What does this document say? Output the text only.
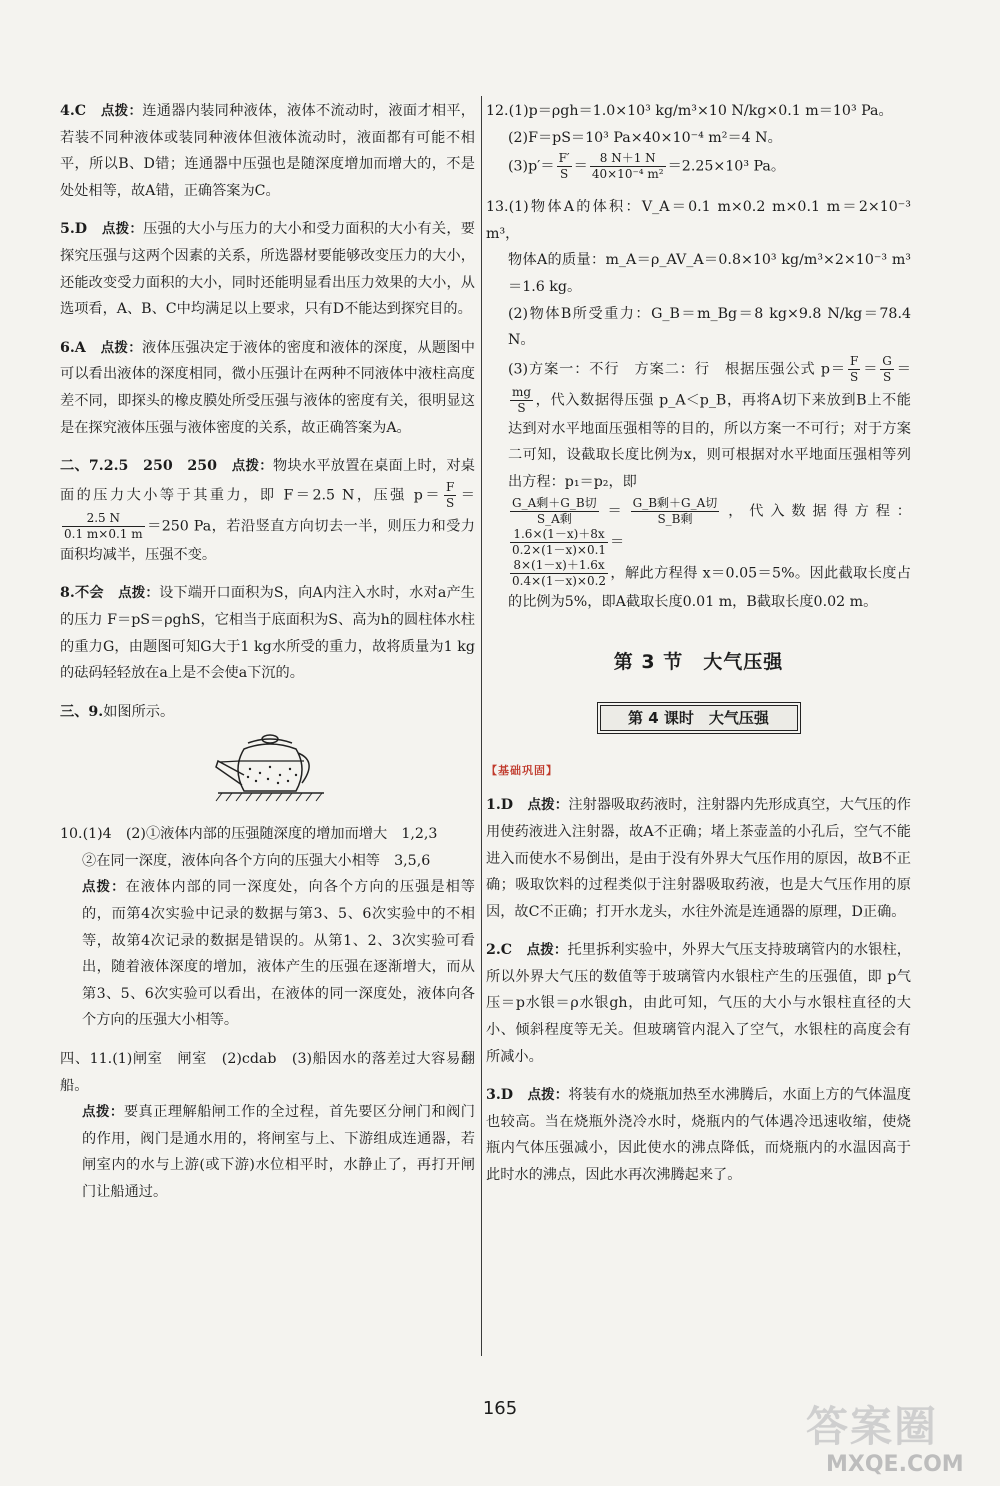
4.C　 点拨：连通器内装同种液体，液体不流动时，液面才相平，若装不同种液体或装同种液体但液体流动时，液面都有可能不相平，所以B、D错；连通器中压强也是随深度增加而增大的，不是处处相等，故A错，正确答案为C。

5.D　 点拨：压强的大小与压力的大小和受力面积的大小有关，要探究压强与这两个因素的关系，所选器材要能够改变压力的大小，还能改变受力面积的大小，同时还能明显看出压力效果的大小，从选项看，A、B、C中均满足以上要求，只有D不能达到探究目的。

6.A　 点拨：液体压强决定于液体的密度和液体的深度，从题图中可以看出液体的深度相同，微小压强计在两种不同液体中液柱高度差不同，即探头的橡皮膜处所受压强与液体的密度有关，很明显这是在探究液体压强与液体密度的关系，故正确答案为A。

二、7.2.5　250　250　 点拨：物块水平放置在桌面上时，对桌面的压力大小等于其重力，即 F＝2.5 N，压强 $p= \frac{F}{S}$ ＝
$\frac{2.5 N}{0.1 m\times 0.1 m} =250$ Pa，若沿竖直方向切去一半，则压力和受力面积均减半，压强不变。

8.不会　 点拨：设下端开口面积为S，向A内注入水时，水对a产生的压力 F＝pS＝ρghS，它相当于底面积为S、高为h的圆柱体水柱的重力G，由题图可知G大于1 kg水所受的重力，故将质量为1 kg的砝码轻轻放在a上是不会使a下沉的。

三、9.如图所示。

10.(1)4　(2)①液体内部的压强随深度的增加而增大　1,2,3

②在同一深度，液体向各个方向的压强大小相等　3,5,6

点拨：在液体内部的同一深度处，向各个方向的压强是相等的，而第4次实验中记录的数据与第3、5、6次实验中的不相等，故第4次记录的数据是错误的。从第1、2、3次实验可看出，随着液体深度的增加，液体产生的压强在逐渐增大，而从第3、5、6次实验可以看出，在液体的同一深度处，液体向各个方向的压强大小相等。

四、11.(1)闸室　闸室　(2)cdab　(3)船因水的落差过大容易翻船。

点拨：要真正理解船闸工作的全过程，首先要区分闸门和阀门的作用，阀门是通水用的，将闸室与上、下游组成连通器，若闸室内的水与上游(或下游)水位相平时，水静止了，再打开闸门让船通过。

12.(1)p＝ρgh＝1.0×10³ kg/m³×10 N/kg×0.1 m＝10³ Pa。

(2)F＝pS＝10³ Pa×40×10⁻⁴ m²＝4 N。

$(3)p'= \frac{F'}{S} = \frac{8 N+1 N}{\text{40×10⁻⁴ m²}} =2.25\times 10^3$ Pa。

13.(1)物体A的体积：V_A＝0.1 m×0.2 m×0.1 m＝2×10⁻³ m³，

物体A的质量：m_A＝ρ_AV_A＝0.8×10³ kg/m³×2×10⁻³ m³＝1.6 kg。

(2)物体B所受重力：G_B＝m_Bg＝8 kg×9.8 N/kg＝78.4 N。

(3)方案一：不行　方案二：行　根据压强公式 $p= \frac{F}{S} = \frac{G}{S}$ ＝
$\frac{mg}{S}$ ，代入数据得压强 p_A＜p_B，再将A切下来放到B上不能达到对水平地面压强相等的目的，所以方案一不可行；对于方案二可知，设截取长度比例为x，则可根据对水平地面压强相等列出方程：p₁＝p₂，即

$\frac{\text{G\_A剩＋G\_B切}}{\text{S\_A剩}} = \frac{\text{G\_B剩＋G\_A切}}{\text{S\_B剩}}$ ，代入数据得方程：
$\frac{1.6\times(1-x)+8x}{0.2\times(1-x)\times 0.1}$ ＝

$\frac{8\times(1-x)+1.6x}{0.4\times(1-x)\times 0.2}$ ，解此方程得 x＝0.05＝5%。因此截取长度占的比例为5%，即A截取长度0.01 m，B截取长度0.02 m。

第 3 节　大气压强
第 4 课时　大气压强
【基础巩固】

1.D　 点拨：注射器吸取药液时，注射器内先形成真空，大气压的作用使药液进入注射器，故A不正确；堵上茶壶盖的小孔后，空气不能进入而使水不易倒出，是由于没有外界大气压作用的原因，故B不正确；吸取饮料的过程类似于注射器吸取药液，也是大气压作用的原因，故C不正确；打开水龙头，水往外流是连通器的原理，D正确。

2.C　 点拨：托里拆利实验中，外界大气压支持玻璃管内的水银柱，所以外界大气压的数值等于玻璃管内水银柱产生的压强值，即 p气压＝p水银＝ρ水银gh，由此可知，气压的大小与水银柱直径的大小、倾斜程度等无关。但玻璃管内混入了空气，水银柱的高度会有所减小。

3.D　 点拨：将装有水的烧瓶加热至水沸腾后，水面上方的气体温度也较高。当在烧瓶外浇冷水时，烧瓶内的气体遇冷迅速收缩，使烧瓶内气体压强减小，因此使水的沸点降低，而烧瓶内的水温因高于此时水的沸点，因此水再次沸腾起来了。

165	答案圈
MXQE.COM
